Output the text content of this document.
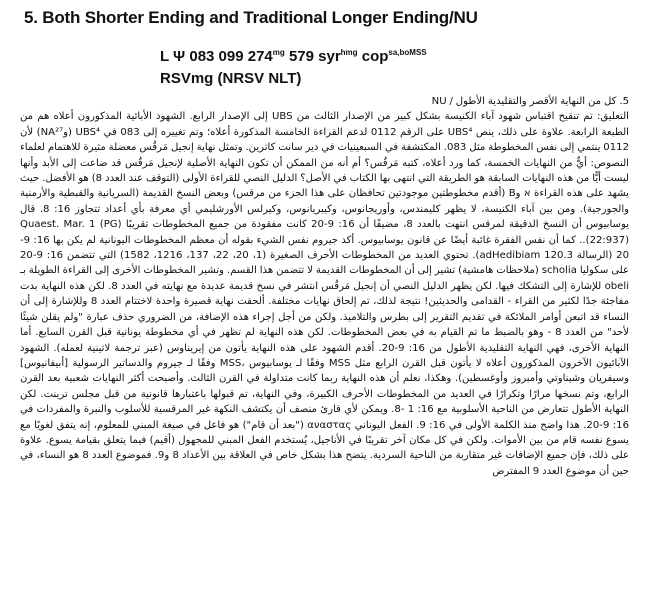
5. Both Shorter Ending and Traditional Longer Ending/NU
L Ψ 083 099 $274^{mg}$ 579 syr$^{hmg}$ cop$^{sa,boMSS}$
RSVmg (NRSV NLT)

5. كل من النهاية الأقصر والتقليدية الأطول / NU

التعليق: تم تنقيح اقتباس شهود آباء الكنيسة بشكل كبير من الإصدار الثالث من UBS إلى الإصدار الرابع. الشهود الأبائية المذكورون أعلاه هم من الطبعة الرابعة. علاوة على ذلك، ينص UBS⁴ على الرقم 0112 لدعم القراءة الخامسة المذكورة أعلاه؛ وتم تغييره إلى 083 في UBS⁴ (وNA²⁷) لأن 0112 ينتمي إلى نفس المخطوطة مثل 083. المكتشفة في السبعينيات في دير سانت كاترين. وتمثل نهاية إنجيل مَرقُس معضلة مثيرة للاهتمام لعلماء النصوص: أيٌّ من النهايات الخمسة، كما ورد أعلاه، كتبه مَرقُس؟ أم أنه من الممكن أن تكون النهاية الأصلية لإنجيل مَرقُس قد ضاعت إلى الأبد وأنها ليست أيًّا من هذه النهايات السابقة هو الطريقة التي انتهى بها الكتاب في الأصل؟ الدليل النصي للقراءة الأولى (التوقف عند العدد 8) هو الأفضل. حيث يشهد على هذه القراءة א وB (أقدم مخطوطتين موجودتين تحافظان على هذا الجزء من مرقس) وبعض النسخ القديمة (السريانية والقبطية والأرمنية والجورجية). ومن بين آباء الكنيسة، لا يظهر كليمندس، وأوريجانوس، وكيبريانوس، وكيرلس الأورشليمي أي معرفة بأي أعداد تتجاوز 16: 8. قال يوسابيوس أن النسخ الدقيقة لمرقس انتهت بالعدد 8، مضيفًا أن 16: 9-20 كانت مفقودة من جميع المخطوطات تقريبًا (Quaest. Mar. 1 (PG 22:937)).. كما أن نفس الفقرة غائبة أيضًا عن قانون يوسابيوس. أكد جيروم نفس الشيء بقوله أن معظم المخطوطات اليونانية لم يكن بها 16: 9-20 (الرسالة 120.3 adHedibiam). تحتوي العديد من المخطوطات الأحرف الصغيرة (1، 20، 22، 137، 1216، 1582) التي تتضمن 16: 9-20 على سكوليا scholia (ملاحظات هامشية) تشير إلى أن المخطوطات القديمة لا تتضمن هذا القسم. وتشير المخطوطات الأخرى إلى القراءة الطويلة بـ obeli للإشارة إلى التشكك فيها. لكن يظهر الدليل النصي أن إنجيل مَرقُس انتشر في نسخ قديمة عديدة مع نهايته في العدد 8. لكن هذه النهاية بدت مفاجئة جدًا لكثير من القراء - القدامى والحديثين! نتيجة لذلك، تم إلحاق نهايات مختلفة. ألحقت نهاية قصيرة واحدة لاختتام العدد 8 وللإشارة إلى أن النساء قد اتبعن أوامر الملائكة في تقديم التقرير إلى بطرس والتلاميذ. ولكن من أجل إجراء هذه الإضافة، من الضروري حذف عبارة "ولم يقلن شيئًا لأحد" من العدد 8 - وهو بالضبط ما تم القيام به في بعض المخطوطات. لكن هذه النهاية لم تظهر في أي مخطوطة يونانية قبل القرن السابع. أما النهاية الأخرى، فهي النهاية التقليدية الأطول من 16: 9-20. أقدم الشهود على هذه النهاية يأتون من إيريناوس (عبر ترجمة لاتينية لعمله). الشهود الآبائيون الآخرون المذكورون أعلاه لا يأتون قبل القرن الرابع مثل MSS وفقًا لـ يوسابيوس ،MSS وفقًا لـ جيروم والدساتير الرسولية [أبيفانيوس] وسيفريان وشيناوتي وأمبروز وأوغسطين). وهكذا، نعلم أن هذه النهاية ربما كانت متداولة في القرن الثالث. وأصبحت أكثر النهايات شعبية بعد القرن الرابع، وتم نسخها مرارًا وتكرارًا في العديد من المخطوطات الأحرف الكبيرة، وفي النهاية، تم قبولها باعتبارها قانونية من قبل مجلس ترينت. لكن النهاية الأطول تتعارض من الناحية الأسلوبية مع 16: 1 -8. ويمكن لأي قارئ منصف أن يكتشف النكهة غير المرقسية للأسلوب والنبرة والمفردات في 16: 9-20. هذا واضح منذ الكلمة الأولى في 16: 9. الفعل اليوناني αναστας ("بعد أن قام") هو فاعل في صيغة المبني للمعلوم، إنه يتفق لغويًا مع يسوع نفسه قام من بين الأموات. ولكن في كل مكان آخر تقريبًا في الأناجيل، يُستخدم الفعل المبني للمجهول (أقيم) فيما يتعلق بقيامة يسوع. علاوة على ذلك، فإن جميع الإضافات غير متقاربة من الناحية السردية. يتضح هذا بشكل خاص في العلاقة بين الأعداد 8 و9. فموضوع العدد 8 هو النساء، في حين أن موضوع العدد 9 المفترض
